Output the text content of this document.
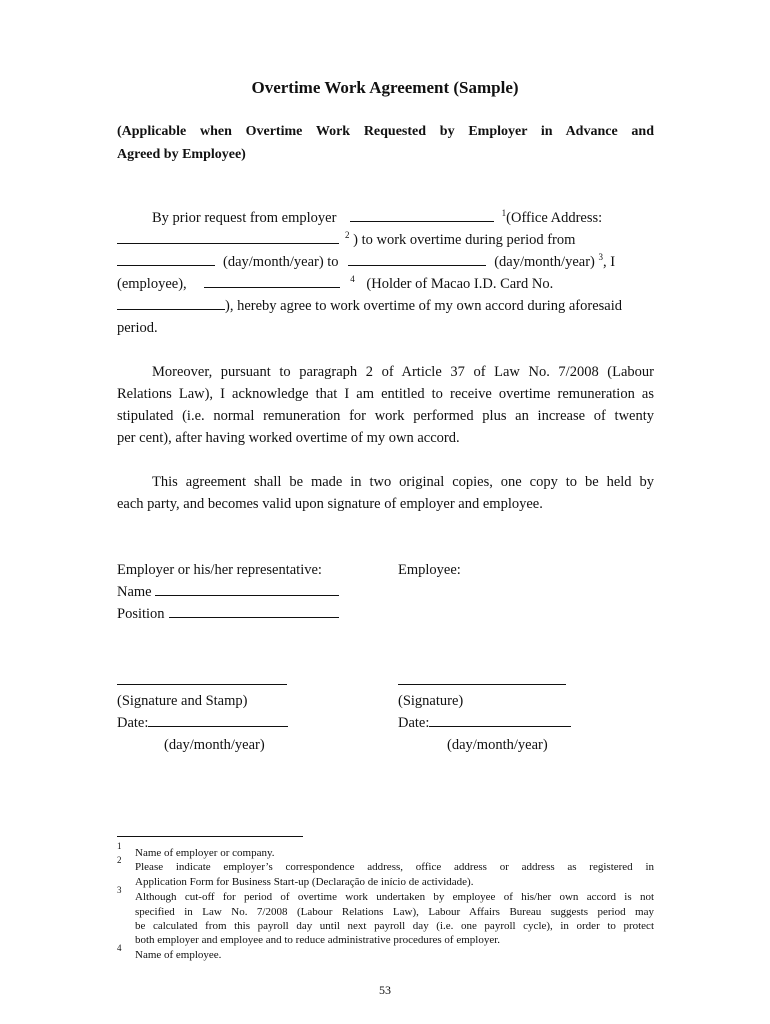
Overtime Work Agreement (Sample)
(Applicable when Overtime Work Requested by Employer in Advance and
Agreed by Employee)
By prior request from employer	$^1$(Office Address:
$^2$ ) to work overtime during period from
(day/month/year) to	(day/month/year) $^3$, I
(employee),	$^4$ (Holder of Macao I.D. Card No.
), hereby agree to work overtime of my own accord during aforesaid
period.
Moreover, pursuant to paragraph 2 of Article 37 of Law No. 7/2008 (Labour
Relations Law), I acknowledge that I am entitled to receive overtime remuneration as
stipulated (i.e. normal remuneration for work performed plus an increase of twenty
per cent), after having worked overtime of my own accord.
This agreement shall be made in two original copies, one copy to be held by
each party, and becomes valid upon signature of employer and employee.
Employer or his/her representative:	Employee:
Name
Position
(Signature and Stamp)	(Signature)
Date:	Date:
(day/month/year)	(day/month/year)
1
Name of employer or company.
2
Please indicate employer’s correspondence address, office address or address as registered in
Application Form for Business Start-up (Declaração de início de actividade).
3
Although cut-off for period of overtime work undertaken by employee of his/her own accord is not
specified in Law No. 7/2008 (Labour Relations Law), Labour Affairs Bureau suggests period may
be calculated from this payroll day until next payroll day (i.e. one payroll cycle), in order to protect
both employer and employee and to reduce administrative procedures of employer.
4
Name of employee.
53
